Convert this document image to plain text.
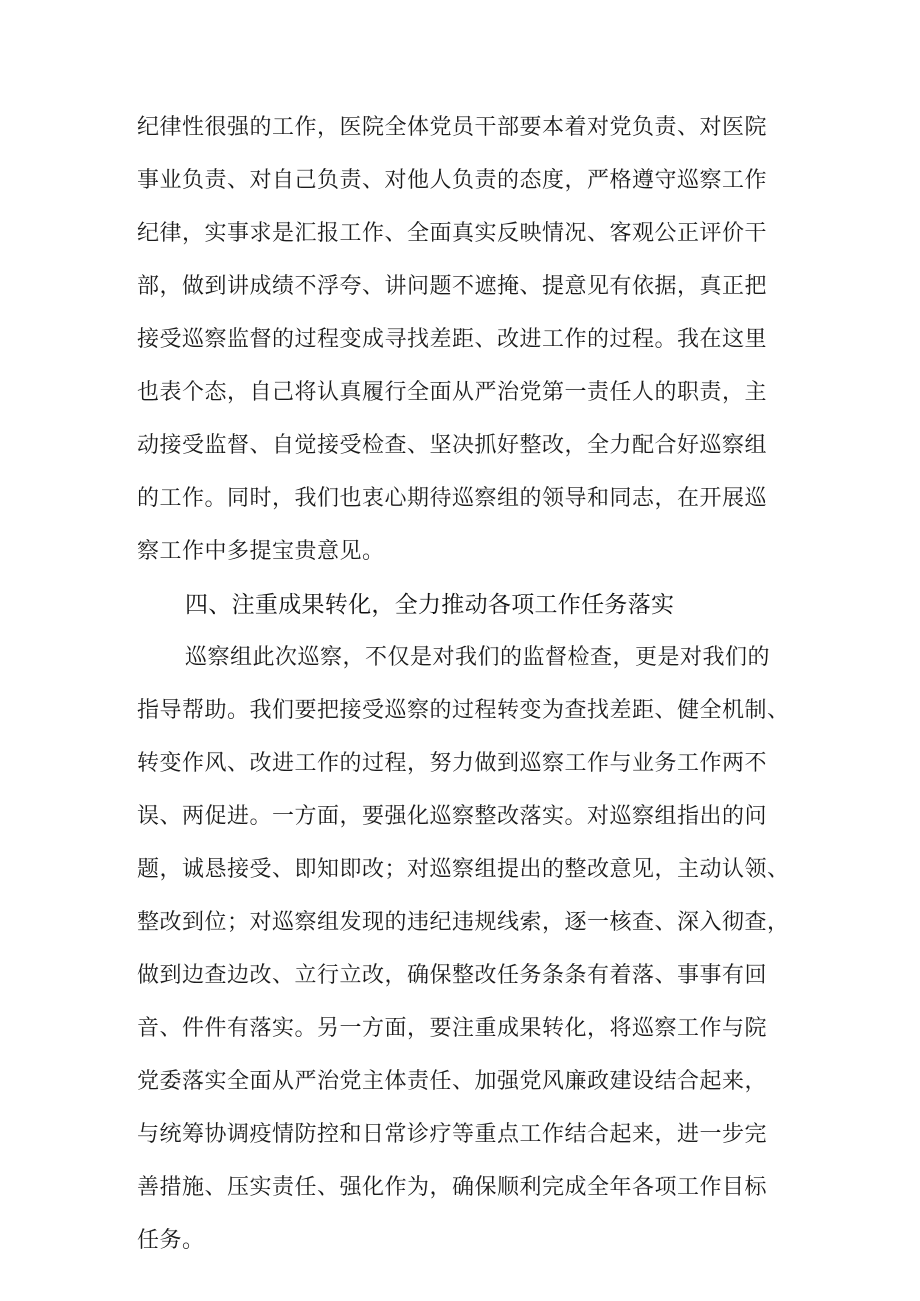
纪律性很强的工作，医院全体党员干部要本着对党负责、对医院
事业负责、对自己负责、对他人负责的态度，严格遵守巡察工作
纪律，实事求是汇报工作、全面真实反映情况、客观公正评价干
部，做到讲成绩不浮夸、讲问题不遮掩、提意见有依据，真正把
接受巡察监督的过程变成寻找差距、改进工作的过程。我在这里
也表个态，自己将认真履行全面从严治党第一责任人的职责，主
动接受监督、自觉接受检查、坚决抓好整改，全力配合好巡察组
的工作。同时，我们也衷心期待巡察组的领导和同志，在开展巡
察工作中多提宝贵意见。
四、注重成果转化，全力推动各项工作任务落实
巡察组此次巡察，不仅是对我们的监督检查，更是对我们的
指导帮助。我们要把接受巡察的过程转变为查找差距、健全机制、
转变作风、改进工作的过程，努力做到巡察工作与业务工作两不
误、两促进。一方面，要强化巡察整改落实。对巡察组指出的问
题，诚恳接受、即知即改；对巡察组提出的整改意见，主动认领、
整改到位；对巡察组发现的违纪违规线索，逐一核查、深入彻查，
做到边查边改、立行立改，确保整改任务条条有着落、事事有回
音、件件有落实。另一方面，要注重成果转化，将巡察工作与院
党委落实全面从严治党主体责任、加强党风廉政建设结合起来，
与统筹协调疫情防控和日常诊疗等重点工作结合起来，进一步完
善措施、压实责任、强化作为，确保顺利完成全年各项工作目标
任务。
